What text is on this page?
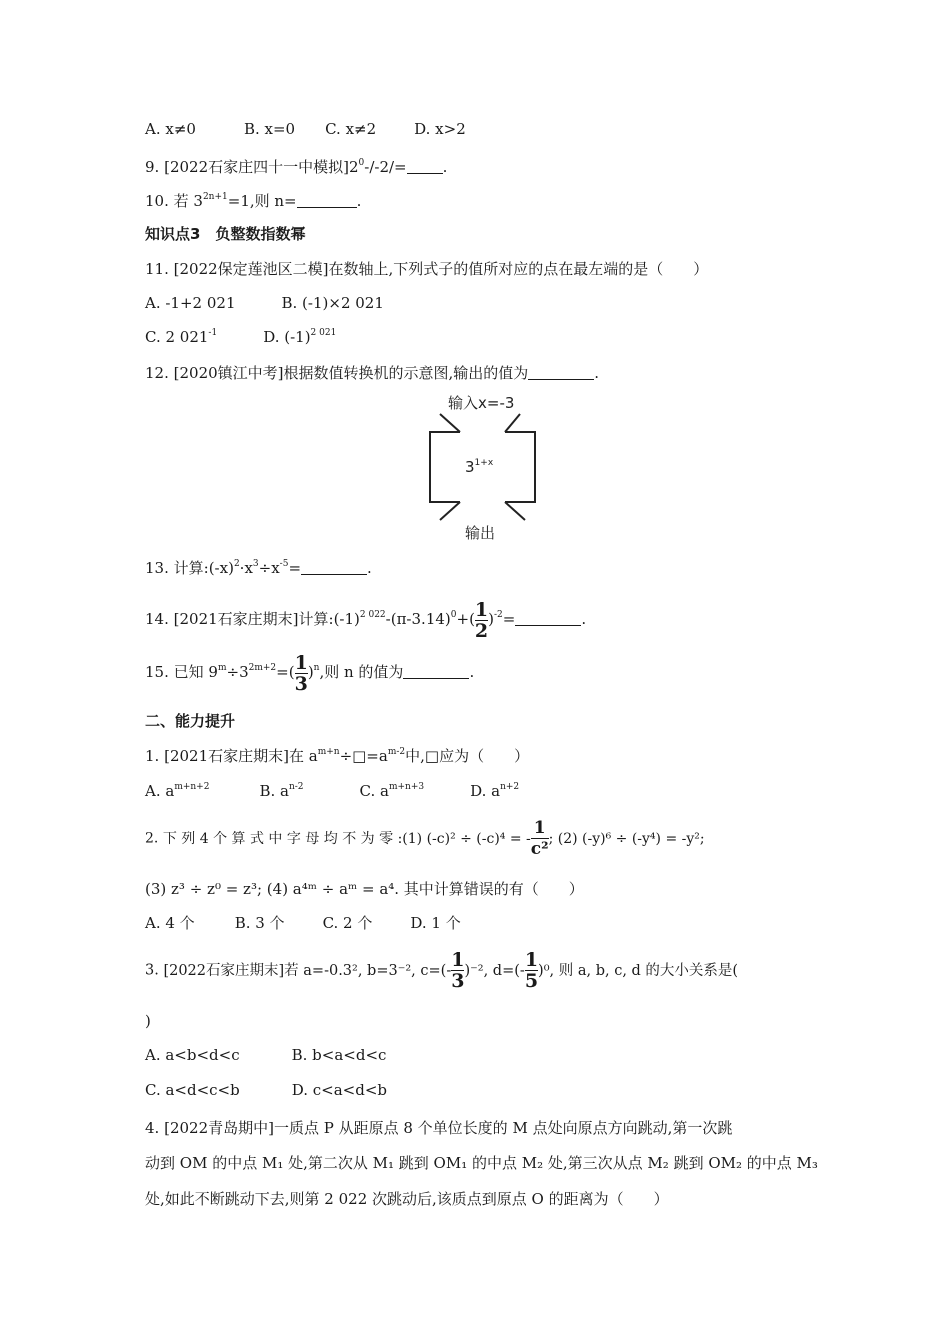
A. x≠0	B. x=0 C. x≠2	D. x>2
9. [2022石家庄四十一中模拟]$2^0-/-2/=$ .
10. 若 $3^{2n+1}=1$,则 n=	.
知识点3　负整数指数幂
11. [2022保定莲池区二模]在数轴上,下列式子的值所对应的点在最左端的是（　　）
A. -1+2 021	B. (-1)×2 021
C. 2 $021^{-1}$	D. $(-1)^{2 021}$
12. [2020镇江中考]根据数值转换机的示意图,输出的值为	.
输入x=-3
$3^{1+x}$
输出
13. 计算$:(-x)^2\cdot x^3\div x^{-5}=$	.
14. [2021石家庄期末]计算$:(-1)^{2 022}-(\pi-3.14)^0+( \frac{1}{2} )^{-2}=$	.
15. 已知 $9^m\div 3^{2m+2}=( \frac{1}{3} )^n$,则 n 的值为	.
二、能力提升
1. [2021石家庄期末]在 $a^{m+n}\div□=a^{m-2}$中,□应为（　　）
A. $a^{m+n+2}$	B. $a^{n-2}$	C. $a^{m+n+3}$	D. $a^{n+2}$
2. 下 列 4 个 算 式 中 字 母 均 不 为 零 :(1) (-c)² ÷ (-c)⁴ = - $\frac{1}{\text{c²}}$ ; (2) (-y)⁶ ÷ (-y⁴) = -y²;
(3) z³ ÷ z⁰ = z³; (4) a⁴ᵐ ÷ aᵐ = a⁴. 其中计算错误的有（　　）
A. 4 个	B. 3 个	C. 2 个	D. 1 个
3. [2022石家庄期末]若 a=-0.3², b=3⁻², $c=(- \frac{1}{3} )^{-2}$, $d=(- \frac{1}{5} )^0$, 则 a, b, c, d 的大小关系是(
)
A. a<b<d<c	B. b<a<d<c
C. a<d<c<b	D. c<a<d<b
4. [2022青岛期中]一质点 P 从距原点 8 个单位长度的 M 点处向原点方向跳动,第一次跳
动到 OM 的中点 M₁ 处,第二次从 M₁ 跳到 OM₁ 的中点 M₂ 处,第三次从点 M₂ 跳到 OM₂ 的中点 M₃
处,如此不断跳动下去,则第 2 022 次跳动后,该质点到原点 O 的距离为（　　）
